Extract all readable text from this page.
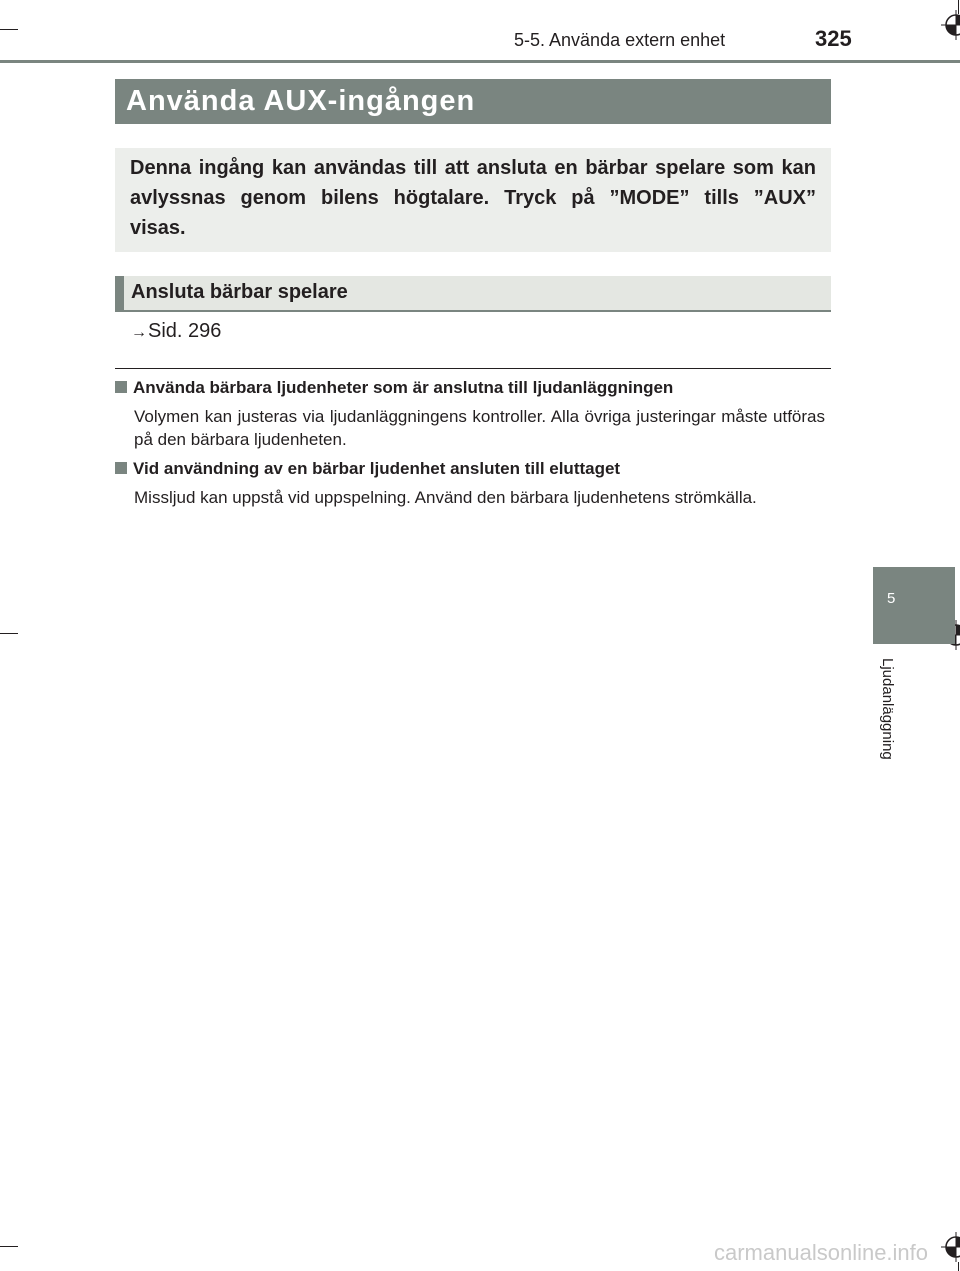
5-5. Använda extern enhet	325
Använda AUX-ingången
Denna ingång kan användas till att ansluta en bärbar spelare som kan avlyssnas genom bilens högtalare. Tryck på ”MODE” tills ”AUX” visas.
Ansluta bärbar spelare
→Sid. 296
Använda bärbara ljudenheter som är anslutna till ljudanläggningen
Volymen kan justeras via ljudanläggningens kontroller. Alla övriga justeringar måste utföras på den bärbara ljudenheten.
Vid användning av en bärbar ljudenhet ansluten till eluttaget
Missljud kan uppstå vid uppspelning. Använd den bärbara ljudenhetens strömkälla.
5
Ljudanläggning
carmanualsonline.info
